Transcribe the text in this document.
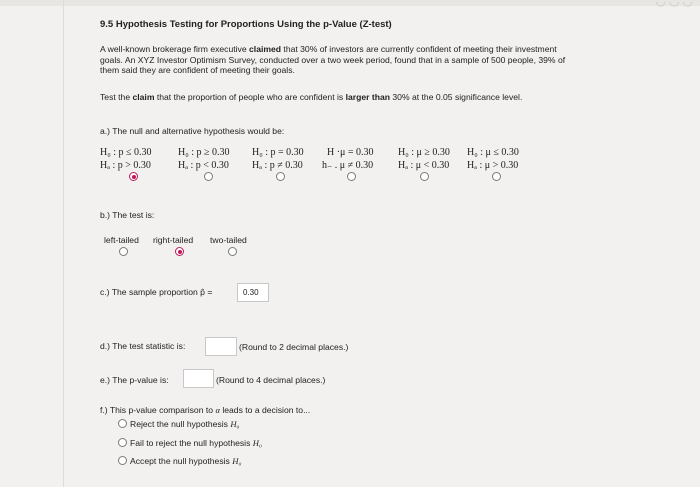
◡◡◡
9.5 Hypothesis Testing for Proportions Using the p-Value (Z-test)
A well-known brokerage firm executive claimed that 30% of investors are currently confident of meeting their investment goals. An XYZ Investor Optimism Survey, conducted over a two week period, found that in a sample of 500 people, 39% of them said they are confident of meeting their goals.
Test the claim that the proportion of people who are confident is larger than 30% at the 0.05 significance level.
a.) The null and alternative hypothesis would be:
H₀ : p ≤ 0.30
Hₐ : p > 0.30
H₀ : p ≥ 0.30
Hₐ : p < 0.30
H₀ : p = 0.30
Hₐ : p ≠ 0.30
H ·μ = 0.30
h₋ . μ ≠ 0.30
H₀ : μ ≥ 0.30
Hₐ : μ < 0.30
H₀ : μ ≤ 0.30
Hₐ : μ > 0.30
b.) The test is:
left-tailed right-tailed two-tailed
c.) The sample proportion p̂ =	0.30
d.) The test statistic is:	(Round to 2 decimal places.)
e.) The p-value is:	(Round to 4 decimal places.)
f.) This p-value comparison to α leads to a decision to...
Reject the null hypothesis H₀
Fail to reject the null hypothesis H₀
Accept the null hypothesis H₀
